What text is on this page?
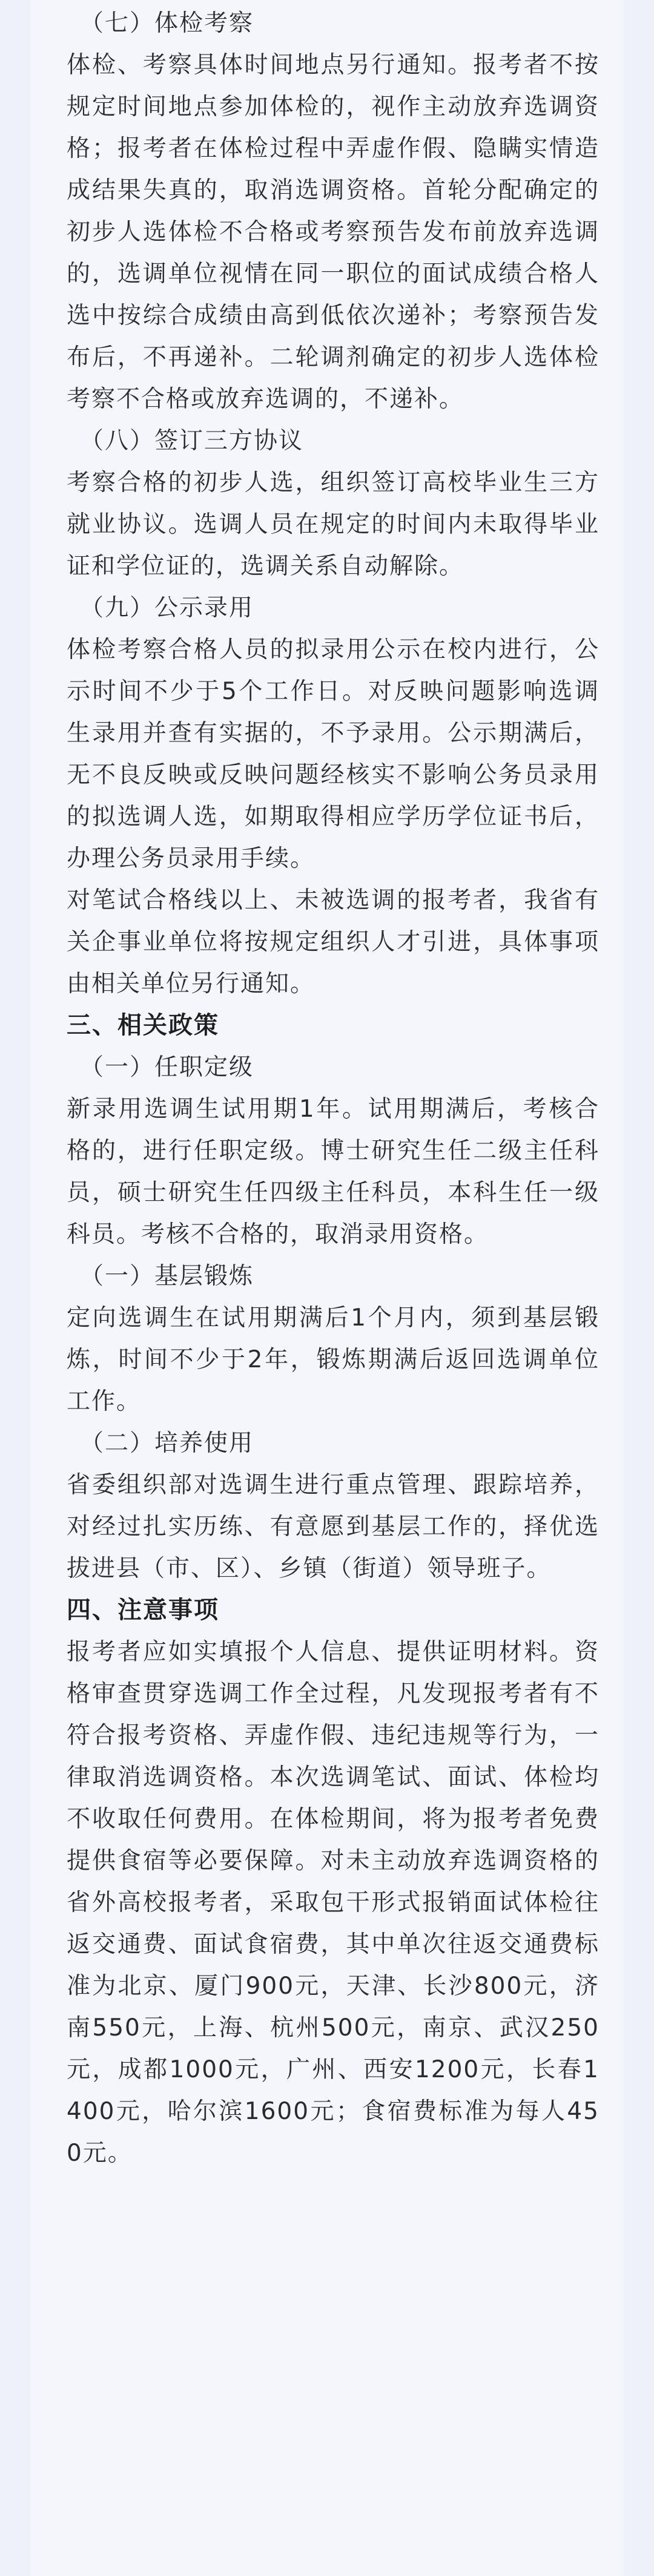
（七）体检考察

体检、考察具体时间地点另行通知。报考者不按规定时间地点参加体检的，视作主动放弃选调资格；报考者在体检过程中弄虚作假、隐瞒实情造成结果失真的，取消选调资格。首轮分配确定的初步人选体检不合格或考察预告发布前放弃选调的，选调单位视情在同一职位的面试成绩合格人选中按综合成绩由高到低依次递补；考察预告发布后，不再递补。二轮调剂确定的初步人选体检考察不合格或放弃选调的，不递补。

（八）签订三方协议

考察合格的初步人选，组织签订高校毕业生三方就业协议。选调人员在规定的时间内未取得毕业证和学位证的，选调关系自动解除。

（九）公示录用

体检考察合格人员的拟录用公示在校内进行，公示时间不少于5个工作日。对反映问题影响选调生录用并查有实据的，不予录用。公示期满后，无不良反映或反映问题经核实不影响公务员录用的拟选调人选，如期取得相应学历学位证书后，办理公务员录用手续。

对笔试合格线以上、未被选调的报考者，我省有关企事业单位将按规定组织人才引进，具体事项由相关单位另行通知。

三、相关政策

（一）任职定级

新录用选调生试用期1年。试用期满后，考核合格的，进行任职定级。博士研究生任二级主任科员，硕士研究生任四级主任科员，本科生任一级科员。考核不合格的，取消录用资格。

（一）基层锻炼

定向选调生在试用期满后1个月内，须到基层锻炼，时间不少于2年，锻炼期满后返回选调单位工作。

（二）培养使用

省委组织部对选调生进行重点管理、跟踪培养，对经过扎实历练、有意愿到基层工作的，择优选拔进县（市、区）、乡镇（街道）领导班子。

四、注意事项

报考者应如实填报个人信息、提供证明材料。资格审查贯穿选调工作全过程，凡发现报考者有不符合报考资格、弄虚作假、违纪违规等行为，一律取消选调资格。本次选调笔试、面试、体检均不收取任何费用。在体检期间，将为报考者免费提供食宿等必要保障。对未主动放弃选调资格的省外高校报考者，采取包干形式报销面试体检往返交通费、面试食宿费，其中单次往返交通费标准为北京、厦门900元，天津、长沙800元，济南550元，上海、杭州500元，南京、武汉250元，成都1000元，广州、西安1200元，长春1400元，哈尔滨1600元；食宿费标准为每人450元。
